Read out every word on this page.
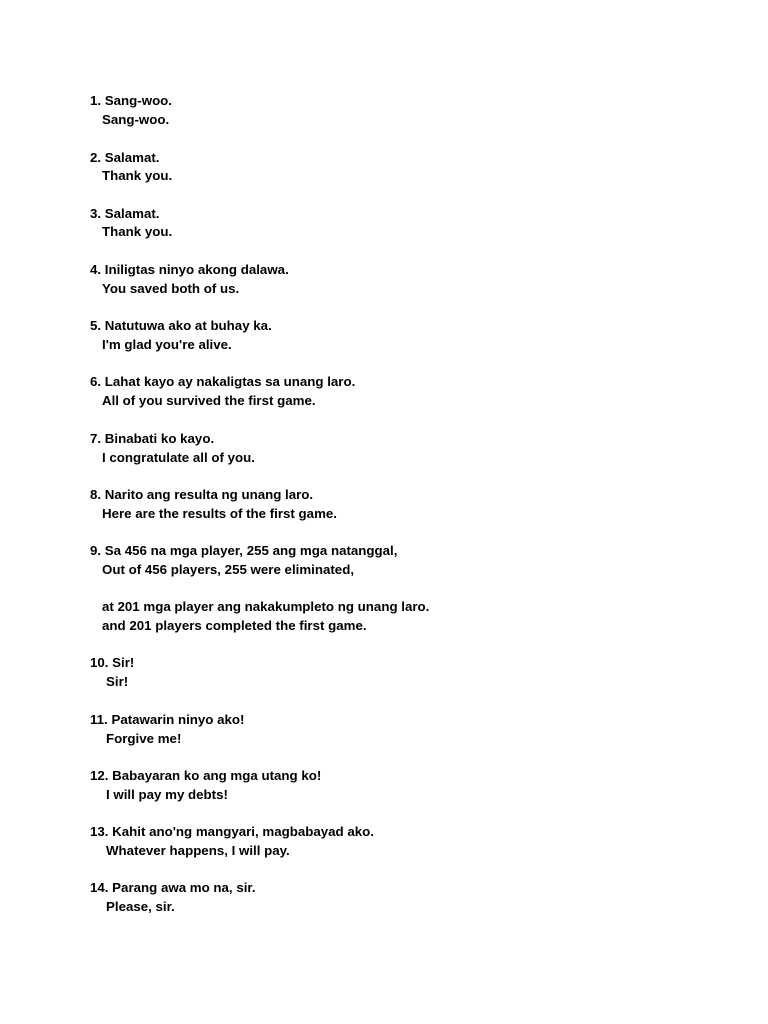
1. Sang-woo.

Sang-woo.

2. Salamat.

Thank you.

3. Salamat.

Thank you.

4. Iniligtas ninyo akong dalawa.

You saved both of us.

5. Natutuwa ako at buhay ka.

I'm glad you're alive.

6. Lahat kayo ay nakaligtas sa unang laro.

All of you survived the first game.

7. Binabati ko kayo.

I congratulate all of you.

8. Narito ang resulta ng unang laro.

Here are the results of the first game.

9. Sa 456 na mga player, 255 ang mga natanggal,

Out of 456 players, 255 were eliminated,

at 201 mga player ang nakakumpleto ng unang laro.

and 201 players completed the first game.

10. Sir!

Sir!

11. Patawarin ninyo ako!

Forgive me!

12. Babayaran ko ang mga utang ko!

I will pay my debts!

13. Kahit ano'ng mangyari, magbabayad ako.

Whatever happens, I will pay.

14. Parang awa mo na, sir.

Please, sir.
